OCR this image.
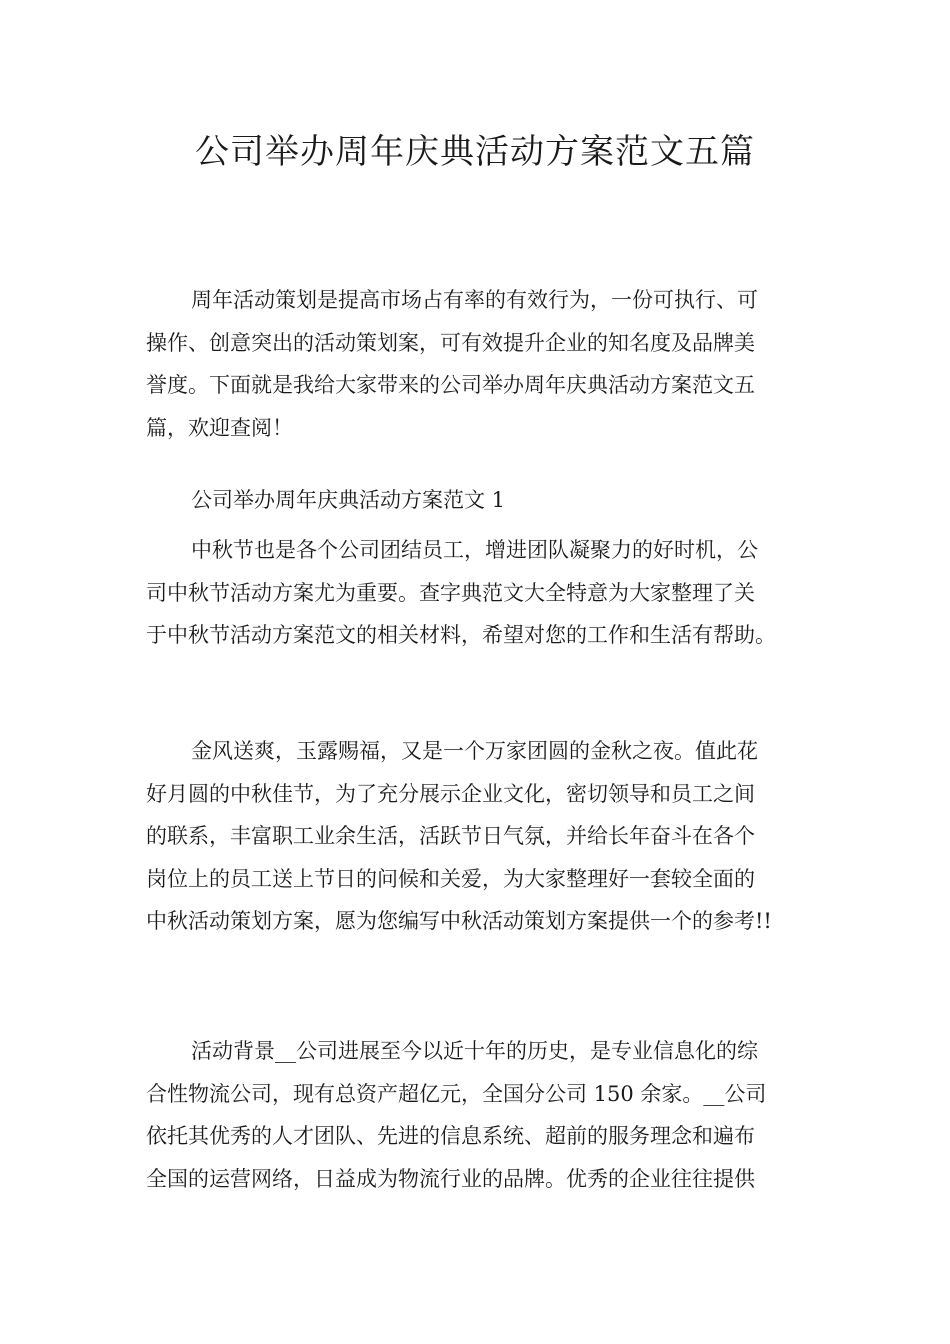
公司举办周年庆典活动方案范文五篇
周年活动策划是提高市场占有率的有效行为，一份可执行、可
操作、创意突出的活动策划案，可有效提升企业的知名度及品牌美
誉度。下面就是我给大家带来的公司举办周年庆典活动方案范文五
篇，欢迎查阅！
公司举办周年庆典活动方案范文 1
中秋节也是各个公司团结员工，增进团队凝聚力的好时机，公
司中秋节活动方案尤为重要。查字典范文大全特意为大家整理了关
于中秋节活动方案范文的相关材料，希望对您的工作和生活有帮助。
金风送爽，玉露赐福，又是一个万家团圆的金秋之夜。值此花
好月圆的中秋佳节，为了充分展示企业文化，密切领导和员工之间
的联系，丰富职工业余生活，活跃节日气氛，并给长年奋斗在各个
岗位上的员工送上节日的问候和关爱，为大家整理好一套较全面的
中秋活动策划方案，愿为您编写中秋活动策划方案提供一个的参考!!
活动背景__公司进展至今以近十年的历史，是专业信息化的综
合性物流公司，现有总资产超亿元，全国分公司 150 余家。__公司
依托其优秀的人才团队、先进的信息系统、超前的服务理念和遍布
全国的运营网络，日益成为物流行业的品牌。优秀的企业往往提供
